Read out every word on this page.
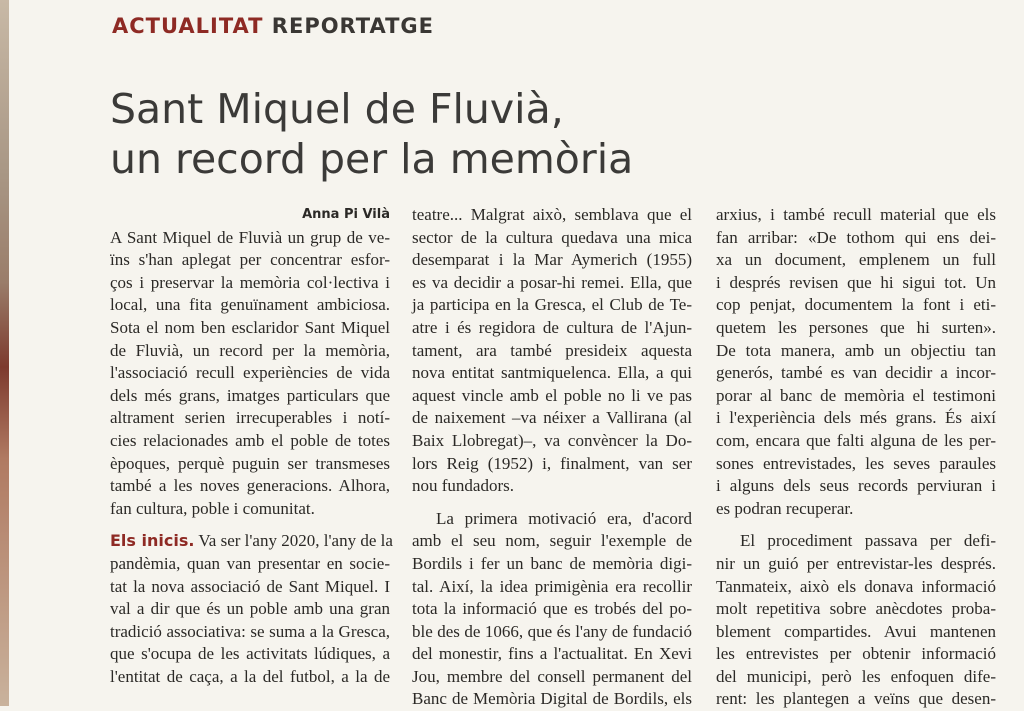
ACTUALITAT REPORTATGE
Sant Miquel de Fluvià,
un record per la memòria
Anna Pi Vilà
A Sant Miquel de Fluvià un grup de ve-
ïns s'han aplegat per concentrar esfor-
ços i preservar la memòria col·lectiva i
local, una fita genuïnament ambiciosa.
Sota el nom ben esclaridor Sant Miquel
de Fluvià, un record per la memòria,
l'associació recull experiències de vida
dels més grans, imatges particulars que
altrament serien irrecuperables i notí-
cies relacionades amb el poble de totes
èpoques, perquè puguin ser transmeses
també a les noves generacions. Alhora,
fan cultura, poble i comunitat.
Els inicis. Va ser l'any 2020, l'any de la
pandèmia, quan van presentar en socie-
tat la nova associació de Sant Miquel. I
val a dir que és un poble amb una gran
tradició associativa: se suma a la Gresca,
que s'ocupa de les activitats lúdiques, a
l'entitat de caça, a la del futbol, a la de
teatre... Malgrat això, semblava que el
sector de la cultura quedava una mica
desemparat i la Mar Aymerich (1955)
es va decidir a posar-hi remei. Ella, que
ja participa en la Gresca, el Club de Te-
atre i és regidora de cultura de l'Ajun-
tament, ara també presideix aquesta
nova entitat santmiquelenca. Ella, a qui
aquest vincle amb el poble no li ve pas
de naixement –va néixer a Vallirana (al
Baix Llobregat)–, va convèncer la Do-
lors Reig (1952) i, finalment, van ser
nou fundadors.
La primera motivació era, d'acord
amb el seu nom, seguir l'exemple de
Bordils i fer un banc de memòria digi-
tal. Així, la idea primigènia era recollir
tota la informació que es trobés del po-
ble des de 1066, que és l'any de fundació
del monestir, fins a l'actualitat. En Xevi
Jou, membre del consell permanent del
Banc de Memòria Digital de Bordils, els
arxius, i també recull material que els
fan arribar: «De tothom qui ens dei-
xa un document, emplenem un full
i després revisen que hi sigui tot. Un
cop penjat, documentem la font i eti-
quetem les persones que hi surten».
De tota manera, amb un objectiu tan
generós, també es van decidir a incor-
porar al banc de memòria el testimoni
i l'experiència dels més grans. És així
com, encara que falti alguna de les per-
sones entrevistades, les seves paraules
i alguns dels seus records perviuran i
es podran recuperar.
El procediment passava per defi-
nir un guió per entrevistar-les després.
Tanmateix, això els donava informació
molt repetitiva sobre anècdotes proba-
blement compartides. Avui mantenen
les entrevistes per obtenir informació
del municipi, però les enfoquen dife-
rent: les plantegen a veïns que desen-
